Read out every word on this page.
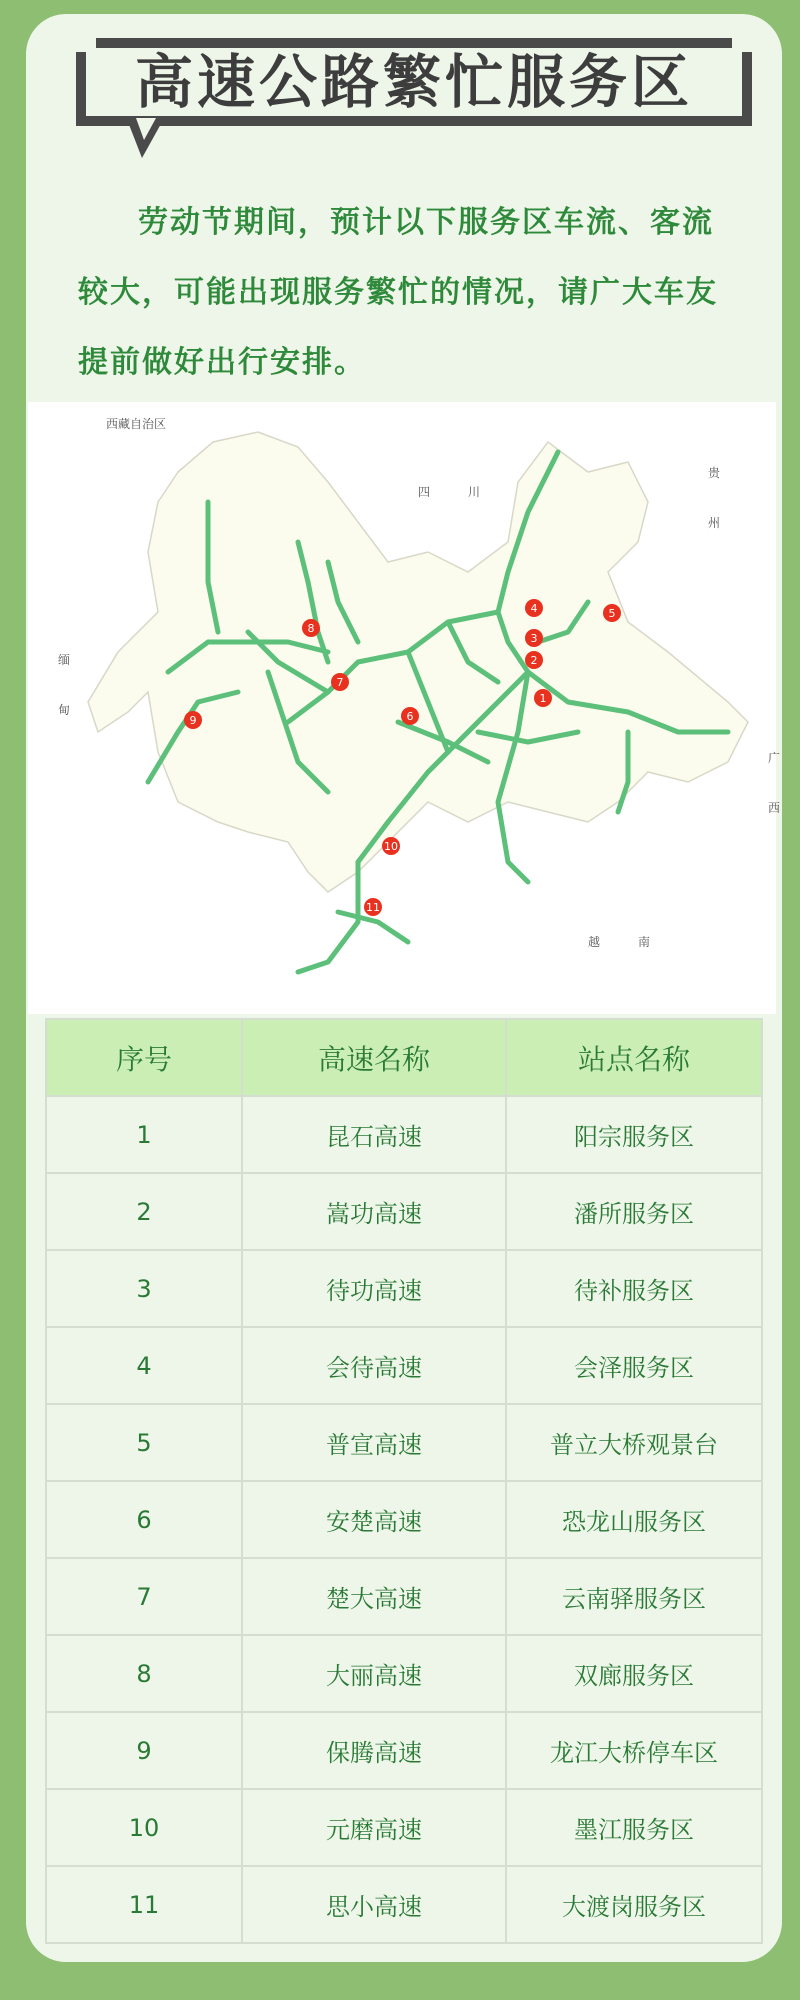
高速公路繁忙服务区
劳动节期间，预计以下服务区车流、客流较大，可能出现服务繁忙的情况，请广大车友提前做好出行安排。
1
2
3
4	5
6
7
8
9
10
11
西藏自治区
四	川
贵
州
缅
甸
广
西
越	南
序号	高速名称	站点名称
1	昆石高速	阳宗服务区
2	嵩功高速	潘所服务区
3	待功高速	待补服务区
4	会待高速	会泽服务区
5	普宣高速	普立大桥观景台
6	安楚高速	恐龙山服务区
7	楚大高速	云南驿服务区
8	大丽高速	双廊服务区
9	保腾高速	龙江大桥停车区
10	元磨高速	墨江服务区
11	思小高速	大渡岗服务区
